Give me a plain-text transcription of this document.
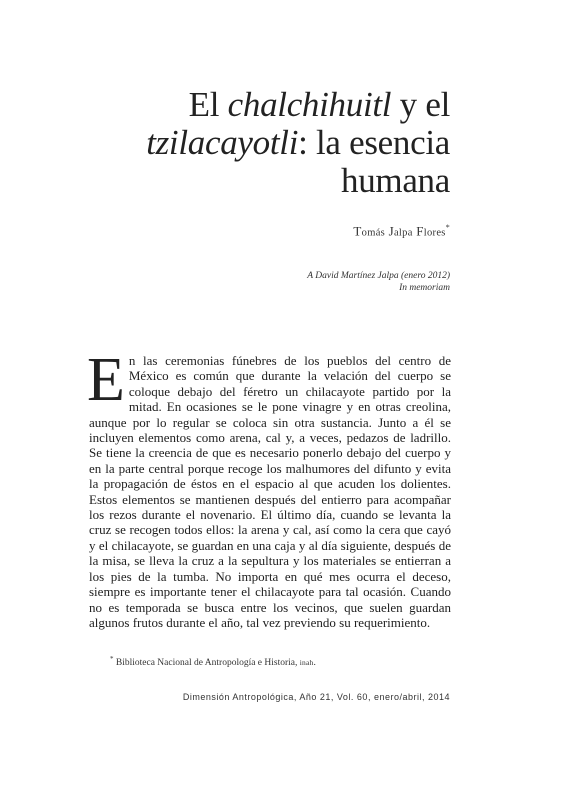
El chalchihuitl y el
tzilacayotli: la esencia
humana
Tomás Jalpa Flores*
A David Martínez Jalpa (enero 2012)
In memoriam

En las ceremonias fúnebres de los pueblos del centro de México es común que durante la velación del cuerpo se coloque debajo del féretro un chilacayote partido por la mitad. En ocasiones se le pone vinagre y en otras creolina, aunque por lo regular se coloca sin otra sustancia. Junto a él se incluyen elementos como arena, cal y, a veces, pedazos de ladrillo. Se tiene la creencia de que es necesario ponerlo debajo del cuerpo y en la parte central porque recoge los malhumores del difunto y evita la propagación de éstos en el espacio al que acuden los dolientes. Estos elementos se mantienen después del entierro para acompañar los rezos durante el novenario. El último día, cuando se levanta la cruz se recogen todos ellos: la arena y cal, así como la cera que cayó y el chilacayote, se guardan en una caja y al día siguiente, después de la misa, se lleva la cruz a la sepultura y los materiales se entierran a los pies de la tumba. No importa en qué mes ocurra el deceso, siempre es importante tener el chilacayote para tal ocasión. Cuando no es temporada se busca entre los vecinos, que suelen guardan algunos frutos durante el año, tal vez previendo su requerimiento.

* Biblioteca Nacional de Antropología e Historia, inah.
Dimensión Antropológica, Año 21, Vol. 60, enero/abril, 2014
